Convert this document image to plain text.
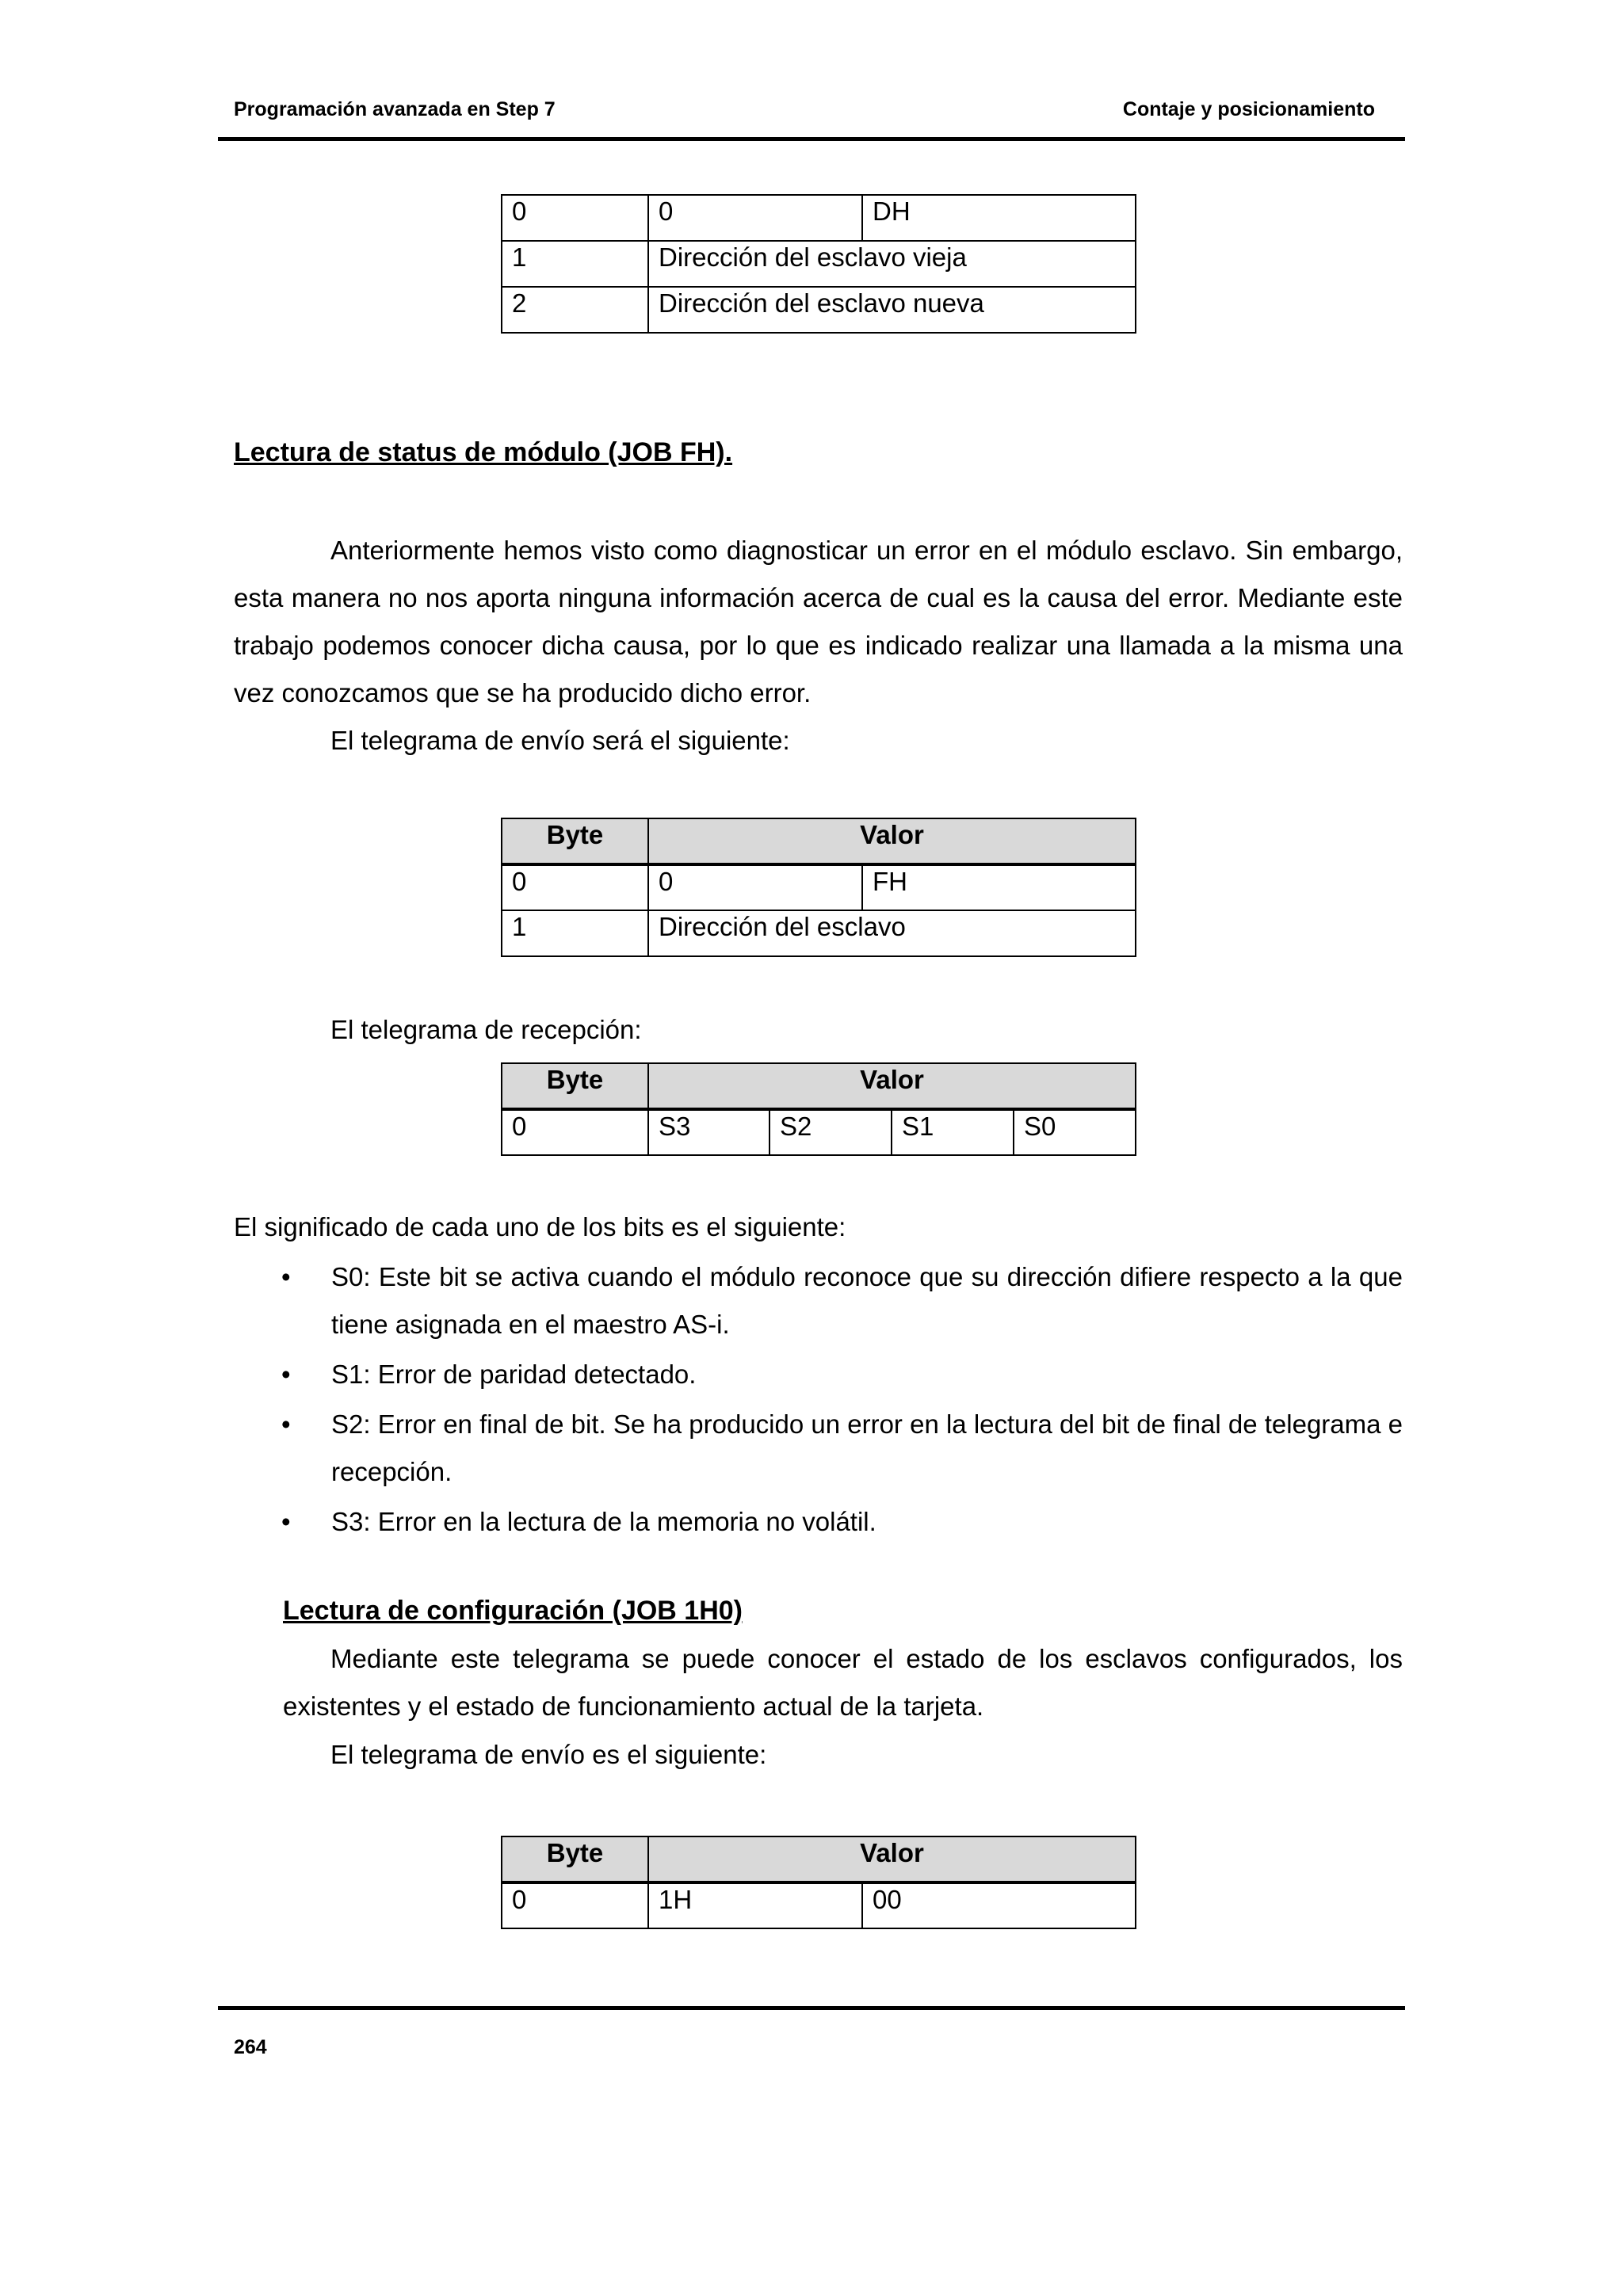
Programación avanzada en Step 7	Contaje y posicionamiento
0	0	DH
1	Dirección del esclavo vieja	
2	Dirección del esclavo nueva	
Lectura de status de módulo (JOB FH).
Anteriormente hemos visto como diagnosticar un error en el módulo esclavo. Sin embargo, esta manera no nos aporta ninguna información acerca de cual es la causa del error. Mediante este trabajo podemos conocer dicha causa, por lo que es indicado realizar una llamada a la misma una vez conozcamos que se ha producido dicho error.
El telegrama de envío será el siguiente:
Byte	Valor	
0	0	FH
1	Dirección del esclavo	
El telegrama de recepción:
Byte	Valor			
0	S3	S2	S1	S0
El significado de cada uno de los bits es el siguiente:
• S0: Este bit se activa cuando el módulo reconoce que su dirección difiere respecto a la que tiene asignada en el maestro AS-i.
• S1: Error de paridad detectado.
• S2: Error en final de bit. Se ha producido un error en la lectura del bit de final de telegrama e recepción.
• S3: Error en la lectura de la memoria no volátil.
Lectura de configuración (JOB 1H0)
Mediante este telegrama se puede conocer el estado de los esclavos configurados, los existentes y el estado de funcionamiento actual de la tarjeta.
El telegrama de envío es el siguiente:
Byte	Valor	
0	1H	00
264
